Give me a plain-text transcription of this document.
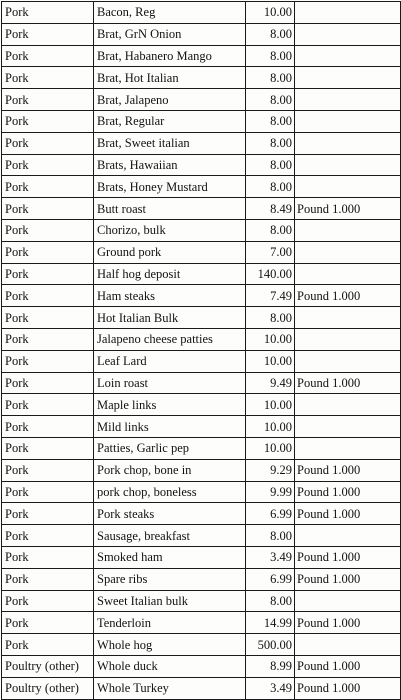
Pork	Bacon, Reg	10.00	
Pork	Brat, GrN Onion	8.00	
Pork	Brat, Habanero Mango	8.00	
Pork	Brat, Hot Italian	8.00	
Pork	Brat, Jalapeno	8.00	
Pork	Brat, Regular	8.00	
Pork	Brat, Sweet italian	8.00	
Pork	Brats, Hawaiian	8.00	
Pork	Brats, Honey Mustard	8.00	
Pork	Butt roast	8.49	Pound 1.000
Pork	Chorizo, bulk	8.00	
Pork	Ground pork	7.00	
Pork	Half hog deposit	140.00	
Pork	Ham steaks	7.49	Pound 1.000
Pork	Hot Italian Bulk	8.00	
Pork	Jalapeno cheese patties	10.00	
Pork	Leaf Lard	10.00	
Pork	Loin roast	9.49	Pound 1.000
Pork	Maple links	10.00	
Pork	Mild links	10.00	
Pork	Patties, Garlic pep	10.00	
Pork	Pork chop, bone in	9.29	Pound 1.000
Pork	pork chop, boneless	9.99	Pound 1.000
Pork	Pork steaks	6.99	Pound 1.000
Pork	Sausage, breakfast	8.00	
Pork	Smoked ham	3.49	Pound 1.000
Pork	Spare ribs	6.99	Pound 1.000
Pork	Sweet Italian bulk	8.00	
Pork	Tenderloin	14.99	Pound 1.000
Pork	Whole hog	500.00	
Poultry (other)	Whole duck	8.99	Pound 1.000
Poultry (other)	Whole Turkey	3.49	Pound 1.000
